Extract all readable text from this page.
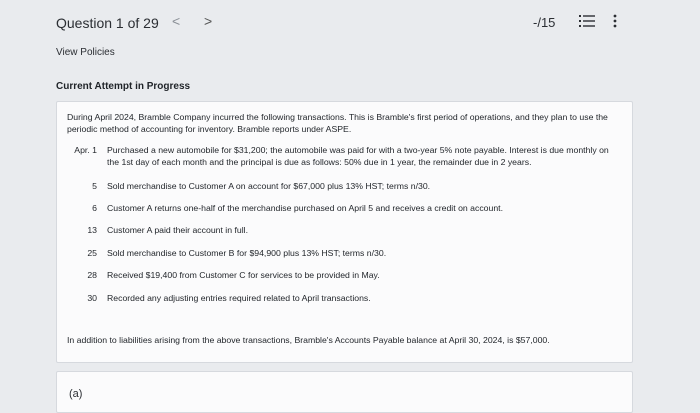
Question 1 of 29 < >	-/15
View Policies
Current Attempt in Progress
During April 2024, Bramble Company incurred the following transactions. This is Bramble's first period of operations, and they plan to use the periodic method of accounting for inventory. Bramble reports under ASPE.
Apr. 1 Purchased a new automobile for $31,200; the automobile was paid for with a two-year 5% note payable. Interest is due monthly on the 1st day of each month and the principal is due as follows: 50% due in 1 year, the remainder due in 2 years.
5 Sold merchandise to Customer A on account for $67,000 plus 13% HST; terms n/30.
6 Customer A returns one-half of the merchandise purchased on April 5 and receives a credit on account.
13 Customer A paid their account in full.
25 Sold merchandise to Customer B for $94,900 plus 13% HST; terms n/30.
28 Received $19,400 from Customer C for services to be provided in May.
30 Recorded any adjusting entries required related to April transactions.
In addition to liabilities arising from the above transactions, Bramble's Accounts Payable balance at April 30, 2024, is $57,000.
(a)
